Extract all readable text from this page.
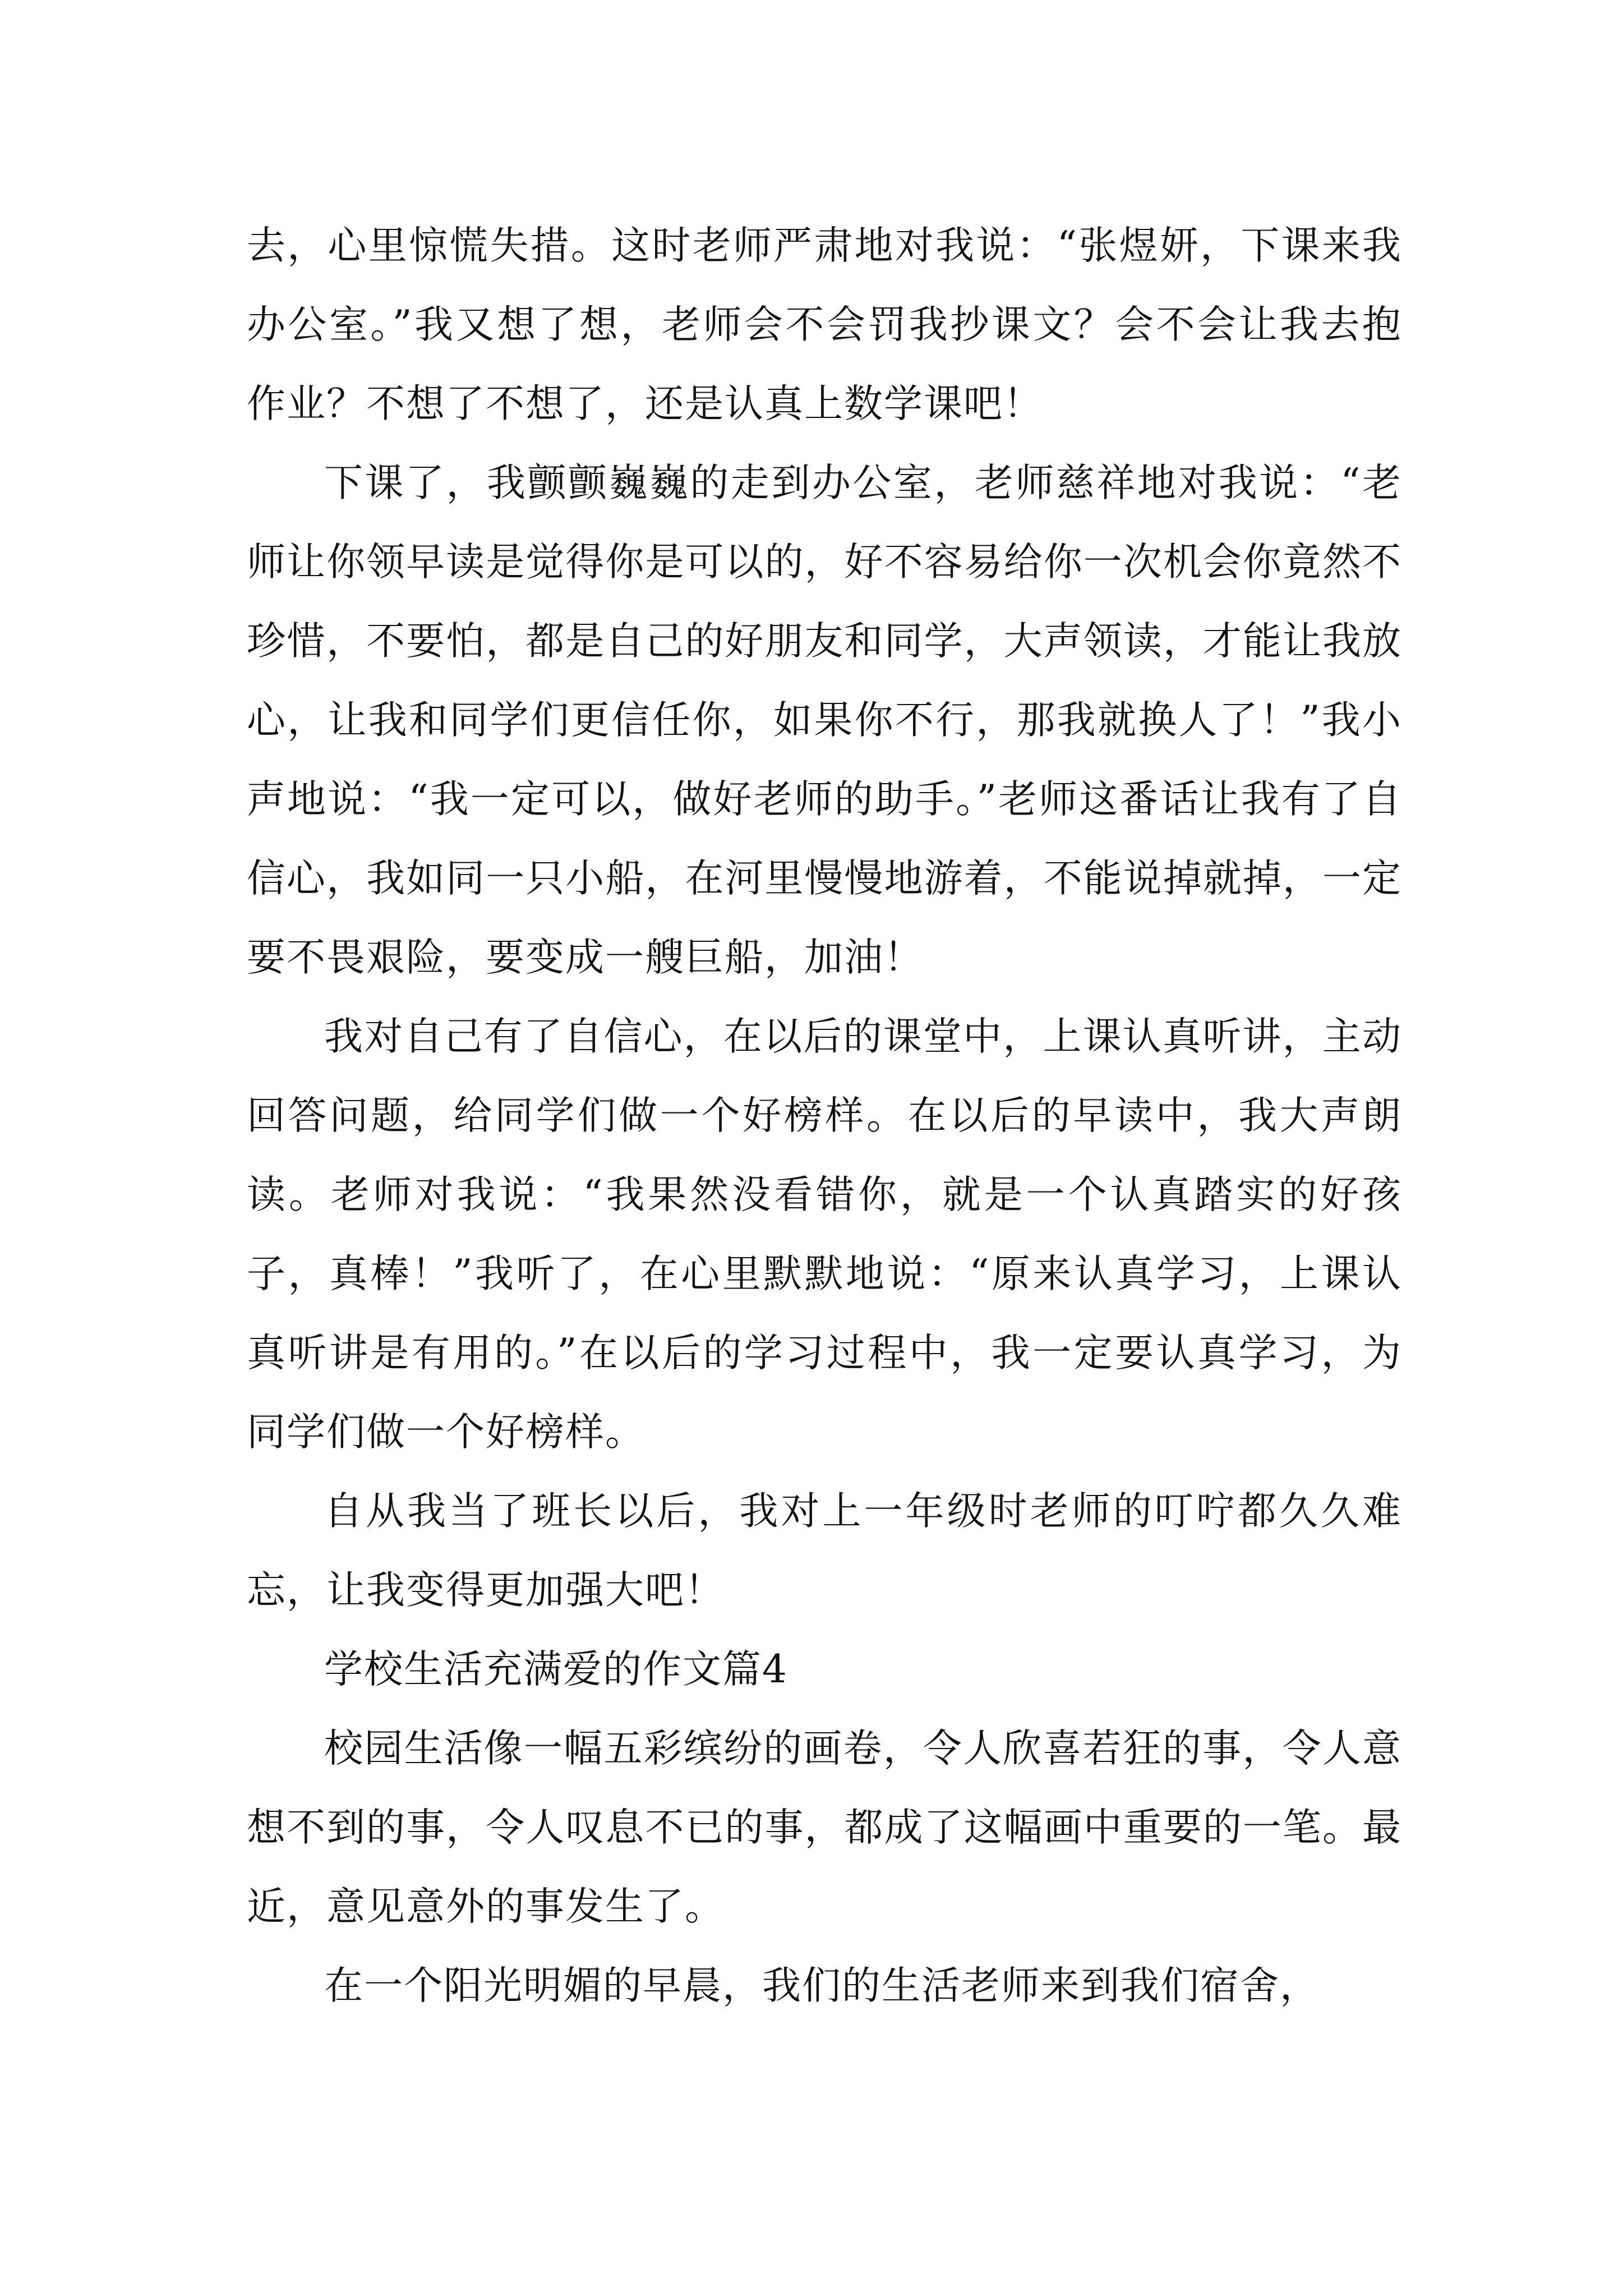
去，心里惊慌失措。这时老师严肃地对我说：“张煜妍，下课来我办公室。”我又想了想，老师会不会罚我抄课文？会不会让我去抱作业？不想了不想了，还是认真上数学课吧！

下课了，我颤颤巍巍的走到办公室，老师慈祥地对我说：“老师让你领早读是觉得你是可以的，好不容易给你一次机会你竟然不珍惜，不要怕，都是自己的好朋友和同学，大声领读，才能让我放心，让我和同学们更信任你，如果你不行，那我就换人了！”我小声地说：“我一定可以，做好老师的助手。”老师这番话让我有了自信心，我如同一只小船，在河里慢慢地游着，不能说掉就掉，一定要不畏艰险，要变成一艘巨船，加油！

我对自己有了自信心，在以后的课堂中，上课认真听讲，主动回答问题，给同学们做一个好榜样。在以后的早读中，我大声朗读。老师对我说：“我果然没看错你，就是一个认真踏实的好孩子，真棒！”我听了，在心里默默地说：“原来认真学习，上课认真听讲是有用的。”在以后的学习过程中，我一定要认真学习，为同学们做一个好榜样。

自从我当了班长以后，我对上一年级时老师的叮咛都久久难忘，让我变得更加强大吧！

学校生活充满爱的作文篇4

校园生活像一幅五彩缤纷的画卷，令人欣喜若狂的事，令人意想不到的事，令人叹息不已的事，都成了这幅画中重要的一笔。最近，意见意外的事发生了。

在一个阳光明媚的早晨，我们的生活老师来到我们宿舍，
